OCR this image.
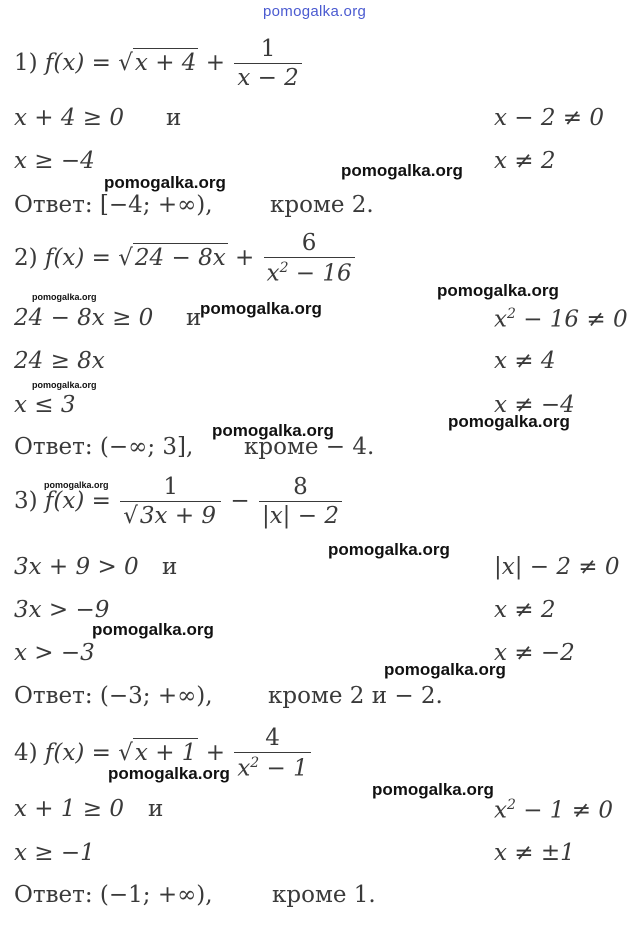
1) $f(x) = √x + 4 + \frac{1}{x - 2}$
x + 4 ≥ 0 и	x − 2 ≠ 0
x ≥ −4	x ≠ 2
Ответ: [−4; +∞), кроме 2.
2) $f(x) = √24 - 8x + \frac{6}{x^2 - 16}$
24 − 8x ≥ 0 и	$x^2 - 16 \ne 0$
24 ≥ 8x	x ≠ 4
x ≤ 3	x ≠ −4
Ответ: (−∞; 3], кроме − 4.
3) $f(x) = \frac{1}{√3x + 9} - \frac{8}{|x| - 2}$
3x + 9 > 0 и	|x| − 2 ≠ 0
3x > −9	x ≠ 2
x > −3	x ≠ −2
Ответ: (−3; +∞), кроме 2 и − 2.
4) $f(x) = √x + 1 + \frac{4}{x^2 - 1}$
x + 1 ≥ 0 и	$x^2 - 1 \ne 0$
x ≥ −1	x ≠ ±1
Ответ: (−1; +∞),	кроме 1.
pomogalka.org
pomogalka.org
pomogalka.org
pomogalka.org
pomogalka.org
pomogalka.org
pomogalka.org
pomogalka.org
pomogalka.org
pomogalka.org
pomogalka.org
pomogalka.org
pomogalka.org
pomogalka.org
pomogalka.org
